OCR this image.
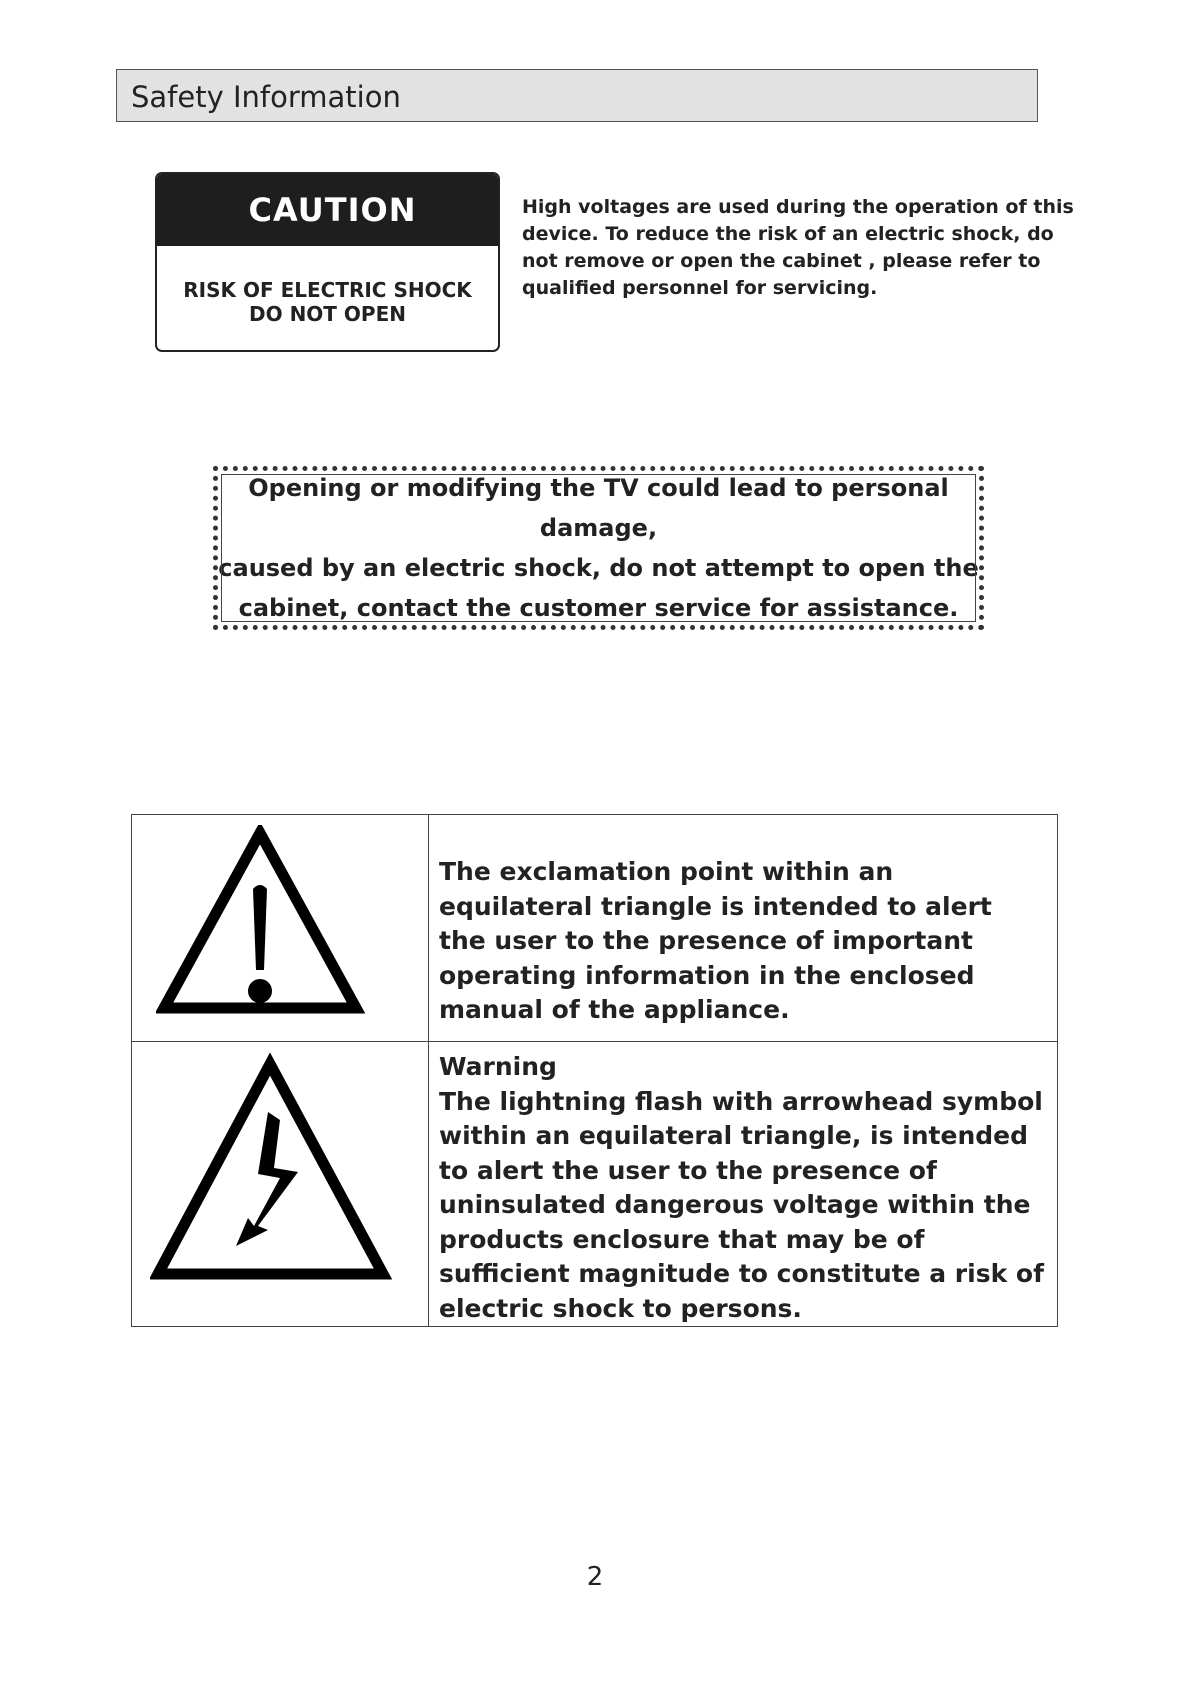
Safety Information
CAUTION
RISK OF ELECTRIC SHOCK
DO NOT OPEN
High voltages are used during the operation of this device. To reduce the risk of an electric shock, do not remove or open the cabinet , please refer to qualified personnel for servicing.

Opening or modifying the TV could lead to personal damage,
caused by an electric shock, do not attempt to open the
cabinet, contact the customer service for assistance.

The exclamation point within an equilateral triangle is intended to alert the user to the presence of important operating information in the enclosed manual of the appliance.

Warning

The lightning flash with arrowhead symbol within an equilateral triangle, is intended to alert the user to the presence of uninsulated dangerous voltage within the products enclosure that may be of sufficient magnitude to constitute a risk of electric shock to persons.

2
